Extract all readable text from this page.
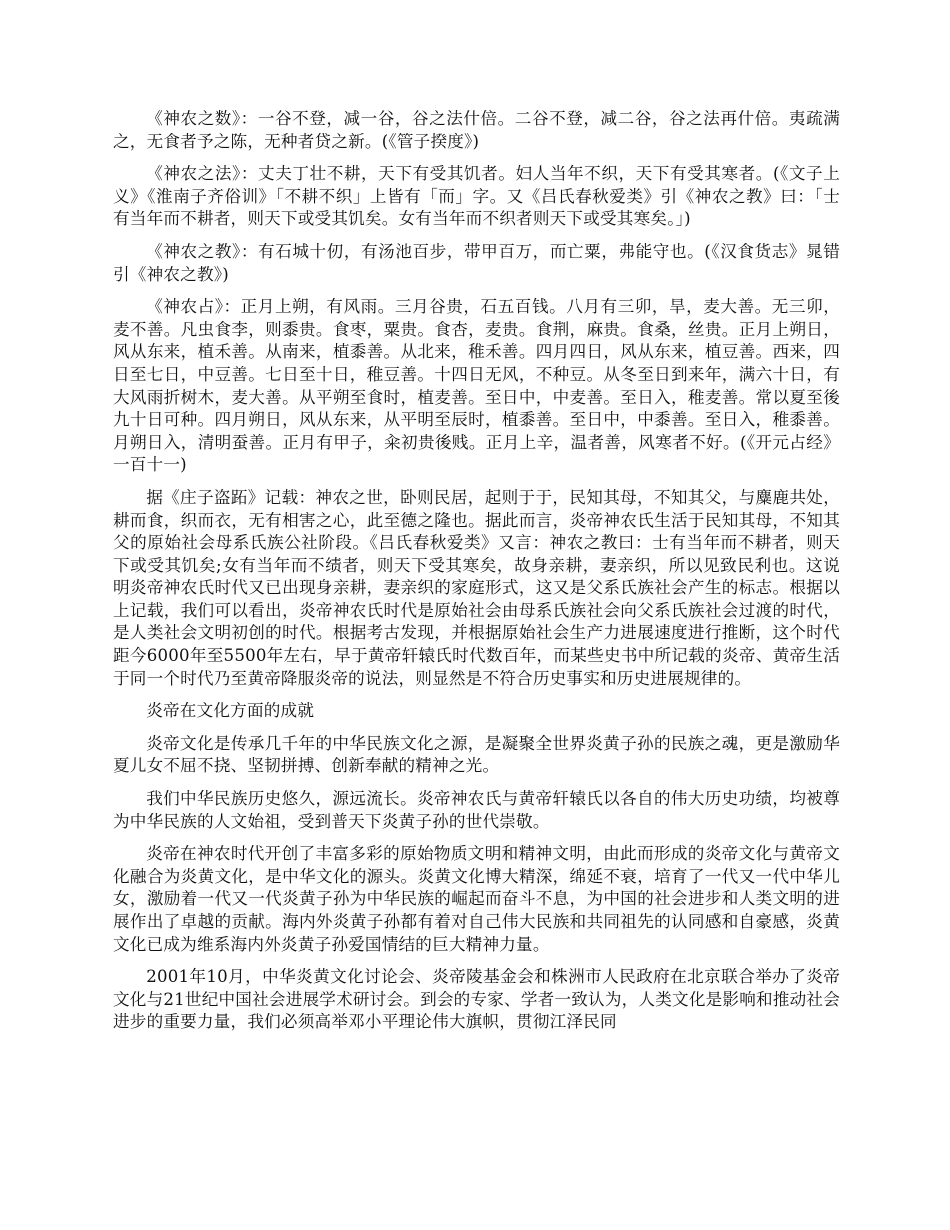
《神农之数》：一谷不登，减一谷，谷之法什倍。二谷不登，减二谷，谷之法再什倍。夷疏满之，无食者予之陈，无种者贷之新。(《管子揆度》)

《神农之法》：丈夫丁壮不耕，天下有受其饥者。妇人当年不织，天下有受其寒者。(《文子上义》《淮南子齐俗训》「不耕不织」上皆有「而」字。又《吕氏春秋爱类》引《神农之教》曰：「士有当年而不耕者，则天下或受其饥矣。女有当年而不织者则天下或受其寒矣。」)

《神农之教》：有石城十仞，有汤池百步，带甲百万，而亡粟，弗能守也。(《汉食货志》晁错引《神农之教》)

《神农占》：正月上朔，有风雨。三月谷贵，石五百钱。八月有三卯，旱，麦大善。无三卯，麦不善。凡虫食李，则黍贵。食枣，粟贵。食杏，麦贵。食荆，麻贵。食桑，丝贵。正月上朔日，风从东来，植禾善。从南来，植黍善。从北来，稚禾善。四月四日，风从东来，植豆善。西来，四日至七日，中豆善。七日至十日，稚豆善。十四日无风，不种豆。从冬至日到来年，满六十日，有大风雨折树木，麦大善。从平朔至食时，植麦善。至日中，中麦善。至日入，稚麦善。常以夏至後九十日可种。四月朔日，风从东来，从平明至辰时，植黍善。至日中，中黍善。至日入，稚黍善。月朔日入，清明蚕善。正月有甲子，籴初贵後贱。正月上辛，温者善，风寒者不好。(《开元占经》一百十一)

据《庄子盗跖》记载：神农之世，卧则民居，起则于于，民知其母，不知其父，与麋鹿共处，耕而食，织而衣，无有相害之心，此至德之隆也。据此而言，炎帝神农氏生活于民知其母，不知其父的原始社会母系氏族公社阶段。《吕氏春秋爱类》又言：神农之教曰：士有当年而不耕者，则天下或受其饥矣;女有当年而不绩者，则天下受其寒矣，故身亲耕，妻亲织，所以见致民利也。这说明炎帝神农氏时代又已出现身亲耕，妻亲织的家庭形式，这又是父系氏族社会产生的标志。根据以上记载，我们可以看出，炎帝神农氏时代是原始社会由母系氏族社会向父系氏族社会过渡的时代，是人类社会文明初创的时代。根据考古发现，并根据原始社会生产力进展速度进行推断，这个时代距今6000年至5500年左右，早于黄帝轩辕氏时代数百年，而某些史书中所记载的炎帝、黄帝生活于同一个时代乃至黄帝降服炎帝的说法，则显然是不符合历史事实和历史进展规律的。

炎帝在文化方面的成就

炎帝文化是传承几千年的中华民族文化之源，是凝聚全世界炎黄子孙的民族之魂，更是激励华夏儿女不屈不挠、坚韧拼搏、创新奉献的精神之光。

我们中华民族历史悠久，源远流长。炎帝神农氏与黄帝轩辕氏以各自的伟大历史功绩，均被尊为中华民族的人文始祖，受到普天下炎黄子孙的世代崇敬。

炎帝在神农时代开创了丰富多彩的原始物质文明和精神文明，由此而形成的炎帝文化与黄帝文化融合为炎黄文化，是中华文化的源头。炎黄文化博大精深，绵延不衰，培育了一代又一代中华儿女，激励着一代又一代炎黄子孙为中华民族的崛起而奋斗不息，为中国的社会进步和人类文明的进展作出了卓越的贡献。海内外炎黄子孙都有着对自己伟大民族和共同祖先的认同感和自豪感，炎黄文化已成为维系海内外炎黄子孙爱国情结的巨大精神力量。

2001年10月，中华炎黄文化讨论会、炎帝陵基金会和株洲市人民政府在北京联合举办了炎帝文化与21世纪中国社会进展学术研讨会。到会的专家、学者一致认为，人类文化是影响和推动社会进步的重要力量，我们必须高举邓小平理论伟大旗帜，贯彻江泽民同
